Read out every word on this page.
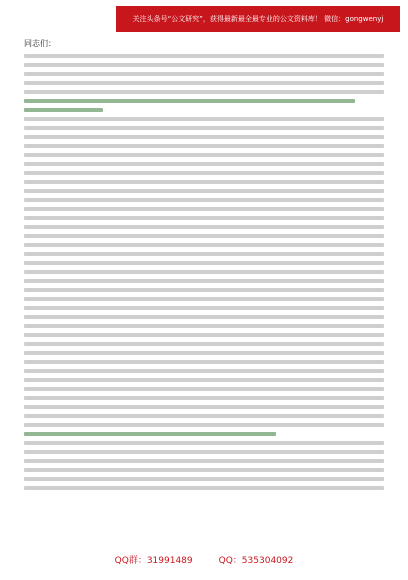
关注头条号“公文研究”，获得最新最全最专业的公文资料库！ 微信：gongwenyj
同志们：
QQ群：31991489	QQ：535304092
